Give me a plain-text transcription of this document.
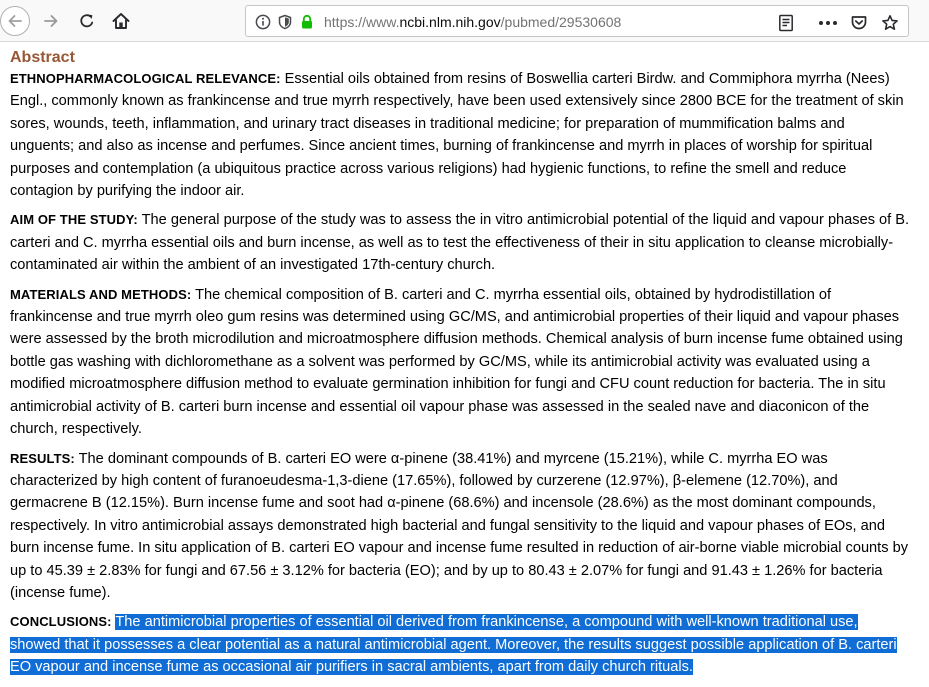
https://www.ncbi.nlm.nih.gov/pubmed/29530608
Abstract

ETHNOPHARMACOLOGICAL RELEVANCE: Essential oils obtained from resins of Boswellia carteri Birdw. and Commiphora myrrha (Nees) Engl., commonly known as frankincense and true myrrh respectively, have been used extensively since 2800 BCE for the treatment of skin sores, wounds, teeth, inflammation, and urinary tract diseases in traditional medicine; for preparation of mummification balms and unguents; and also as incense and perfumes. Since ancient times, burning of frankincense and myrrh in places of worship for spiritual purposes and contemplation (a ubiquitous practice across various religions) had hygienic functions, to refine the smell and reduce contagion by purifying the indoor air.

AIM OF THE STUDY: The general purpose of the study was to assess the in vitro antimicrobial potential of the liquid and vapour phases of B. carteri and C. myrrha essential oils and burn incense, as well as to test the effectiveness of their in situ application to cleanse microbially-contaminated air within the ambient of an investigated 17th-century church.

MATERIALS AND METHODS: The chemical composition of B. carteri and C. myrrha essential oils, obtained by hydrodistillation of frankincense and true myrrh oleo gum resins was determined using GC/MS, and antimicrobial properties of their liquid and vapour phases were assessed by the broth microdilution and microatmosphere diffusion methods. Chemical analysis of burn incense fume obtained using bottle gas washing with dichloromethane as a solvent was performed by GC/MS, while its antimicrobial activity was evaluated using a modified microatmosphere diffusion method to evaluate germination inhibition for fungi and CFU count reduction for bacteria. The in situ antimicrobial activity of B. carteri burn incense and essential oil vapour phase was assessed in the sealed nave and diaconicon of the church, respectively.

RESULTS: The dominant compounds of B. carteri EO were α-pinene (38.41%) and myrcene (15.21%), while C. myrrha EO was characterized by high content of furanoeudesma-1,3-diene (17.65%), followed by curzerene (12.97%), β-elemene (12.70%), and germacrene B (12.15%). Burn incense fume and soot had α-pinene (68.6%) and incensole (28.6%) as the most dominant compounds, respectively. In vitro antimicrobial assays demonstrated high bacterial and fungal sensitivity to the liquid and vapour phases of EOs, and burn incense fume. In situ application of B. carteri EO vapour and incense fume resulted in reduction of air-borne viable microbial counts by up to 45.39 ± 2.83% for fungi and 67.56 ± 3.12% for bacteria (EO); and by up to 80.43 ± 2.07% for fungi and 91.43 ± 1.26% for bacteria (incense fume).

CONCLUSIONS: The antimicrobial properties of essential oil derived from frankincense, a compound with well-known traditional use, showed that it possesses a clear potential as a natural antimicrobial agent. Moreover, the results suggest possible application of B. carteri EO vapour and incense fume as occasional air purifiers in sacral ambients, apart from daily church rituals.
